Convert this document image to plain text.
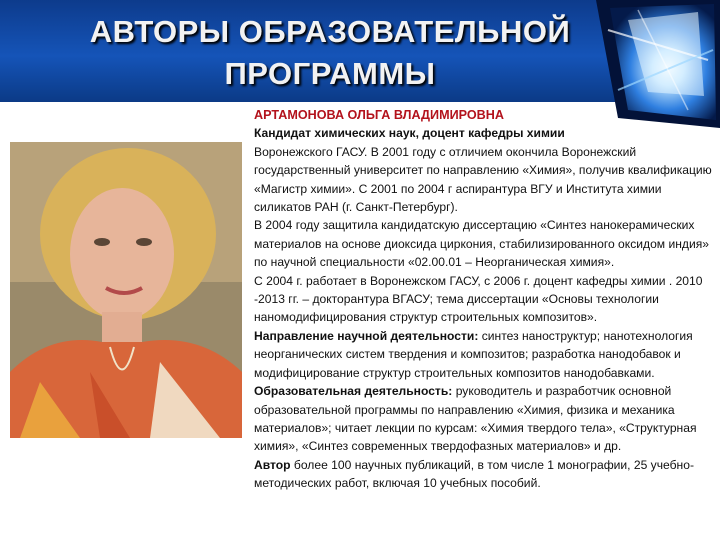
АВТОРЫ ОБРАЗОВАТЕЛЬНОЙ
ПРОГРАММЫ

АРТАМОНОВА ОЛЬГА ВЛАДИМИРОВНА

Кандидат химических наук, доцент кафедры химии

Воронежского ГАСУ. В 2001 году с отличием окончила Воронежский государственный университет по направлению «Химия», получив квалификацию «Магистр химии». С 2001 по 2004 г аспирантура ВГУ и Института химии силикатов РАН (г. Санкт-Петербург).

В 2004 году защитила кандидатскую диссертацию «Синтез нанокерамических материалов на основе диоксида циркония, стабилизированного оксидом индия» по научной специальности «02.00.01 – Неорганическая химия».

С 2004 г. работает в Воронежском ГАСУ, с 2006 г. доцент кафедры химии . 2010 -2013 гг. – докторантура ВГАСУ; тема диссертации «Основы технологии наномодифицирования структур строительных композитов».

Направление научной деятельности: синтез наноструктур; нанотехнология неорганических систем твердения и композитов; разработка нанодобавок и модифицирование структур строительных композитов нанодобавками.

Образовательная деятельность: руководитель и разработчик основной образовательной программы по направлению «Химия, физика и механика материалов»; читает лекции по курсам: «Химия твердого тела», «Структурная химия», «Синтез современных твердофазных материалов» и др.

Автор более 100 научных публикаций, в том числе 1 монографии, 25 учебно-методических работ, включая 10 учебных пособий.
